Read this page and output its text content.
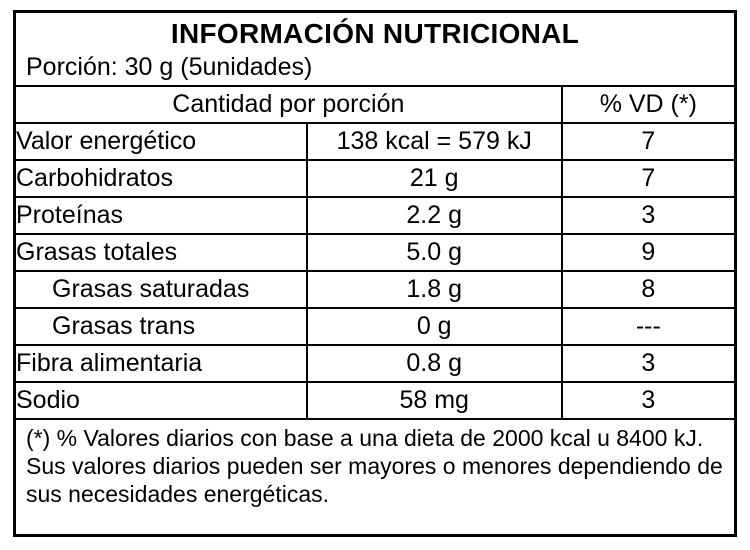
INFORMACIÓN NUTRICIONAL
Porción: 30 g (5unidades)
Cantidad por porción		% VD (*)
Valor energético	138 kcal = 579 kJ	7
Carbohidratos	21 g	7
Proteínas	2.2 g	3
Grasas totales	5.0 g	9
Grasas saturadas	1.8 g	8
Grasas trans	0 g	---
Fibra alimentaria	0.8 g	3
Sodio	58 mg	3
(*) % Valores diarios con base a una dieta de 2000 kcal u 8400 kJ. Sus valores diarios pueden ser mayores o menores dependiendo de sus necesidades energéticas.
